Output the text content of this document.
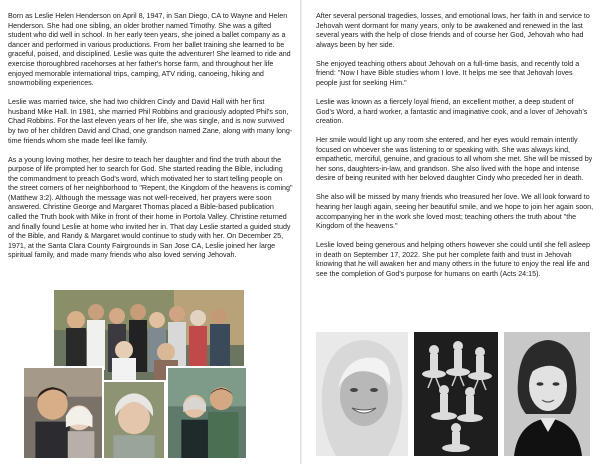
Born as Leslie Helen Henderson on April 8, 1947, in San Diego, CA to Wayne and Helen Henderson. She had one sibling, an older brother named Timothy. She was a gifted student who did well in school. In her early teen years, she joined a ballet company as a dancer and performed in various productions. From her ballet training she learned to be graceful, poised, and disciplined. Leslie was quite the adventurer! She learned to ride and exercise thoroughbred racehorses at her father's horse farm, and throughout her life enjoyed memorable international trips, camping, ATV riding, canoeing, hiking and snowmobiling experiences.

Leslie was married twice, she had two children Cindy and David Hall with her first husband Mike Hall. In 1981, she married Phil Robbins and graciously adopted Phil's son, Chad Robbins. For the last eleven years of her life, she was single, and is now survived by two of her children David and Chad, one grandson named Zane, along with many long-time friends whom she made feel like family.

As a young loving mother, her desire to teach her daughter and find the truth about the purpose of life prompted her to search for God. She started reading the Bible, including the commandment to preach God's word, which motivated her to start telling people on the street corners of her neighborhood to "Repent, the Kingdom of the heavens is coming" (Matthew 3:2). Although the message was not well-received, her prayers were soon answered. Christine George and Margaret Thomas placed a Bible-based publication called the Truth book with Mike in front of their home in Portola Valley. Christine returned and finally found Leslie at home who invited her in. That day Leslie started a guided study of the Bible, and Randy & Margaret would continue to study with her. On December 25, 1971, at the Santa Clara County Fairgrounds in San Jose CA, Leslie joined her large spiritual family, and made many friends who also loved serving Jehovah.

After several personal tragedies, losses, and emotional lows, her faith in and service to Jehovah went dormant for many years, only to be awakened and renewed in the last several years with the help of close friends and of course her God, Jehovah who had always been by her side.

She enjoyed teaching others about Jehovah on a full-time basis, and recently told a friend: "Now I have Bible studies whom I love. It helps me see that Jehovah loves people just for seeking Him."

Leslie was known as a fiercely loyal friend, an excellent mother, a deep student of God's Word, a hard worker, a fantastic and imaginative cook, and a lover of Jehovah's creation.

Her smile would light up any room she entered, and her eyes would remain intently focused on whoever she was listening to or speaking with. She was always kind, empathetic, merciful, genuine, and gracious to all whom she met. She will be missed by her sons, daughters-in-law, and grandson. She also lived with the hope and intense desire of being reunited with her beloved daughter Cindy who preceded her in death.

She also will be missed by many friends who treasured her love. We all look forward to hearing her laugh again, seeing her beautiful smile, and we hope to join her again soon, accompanying her in the work she loved most; teaching others the truth about "the Kingdom of the heavens."

Leslie loved being generous and helping others however she could until she fell asleep in death on September 17, 2022. She put her complete faith and trust in Jehovah knowing that he will awaken her and many others in the future to enjoy the real life and see the completion of God's purpose for humans on earth (Acts 24:15).
